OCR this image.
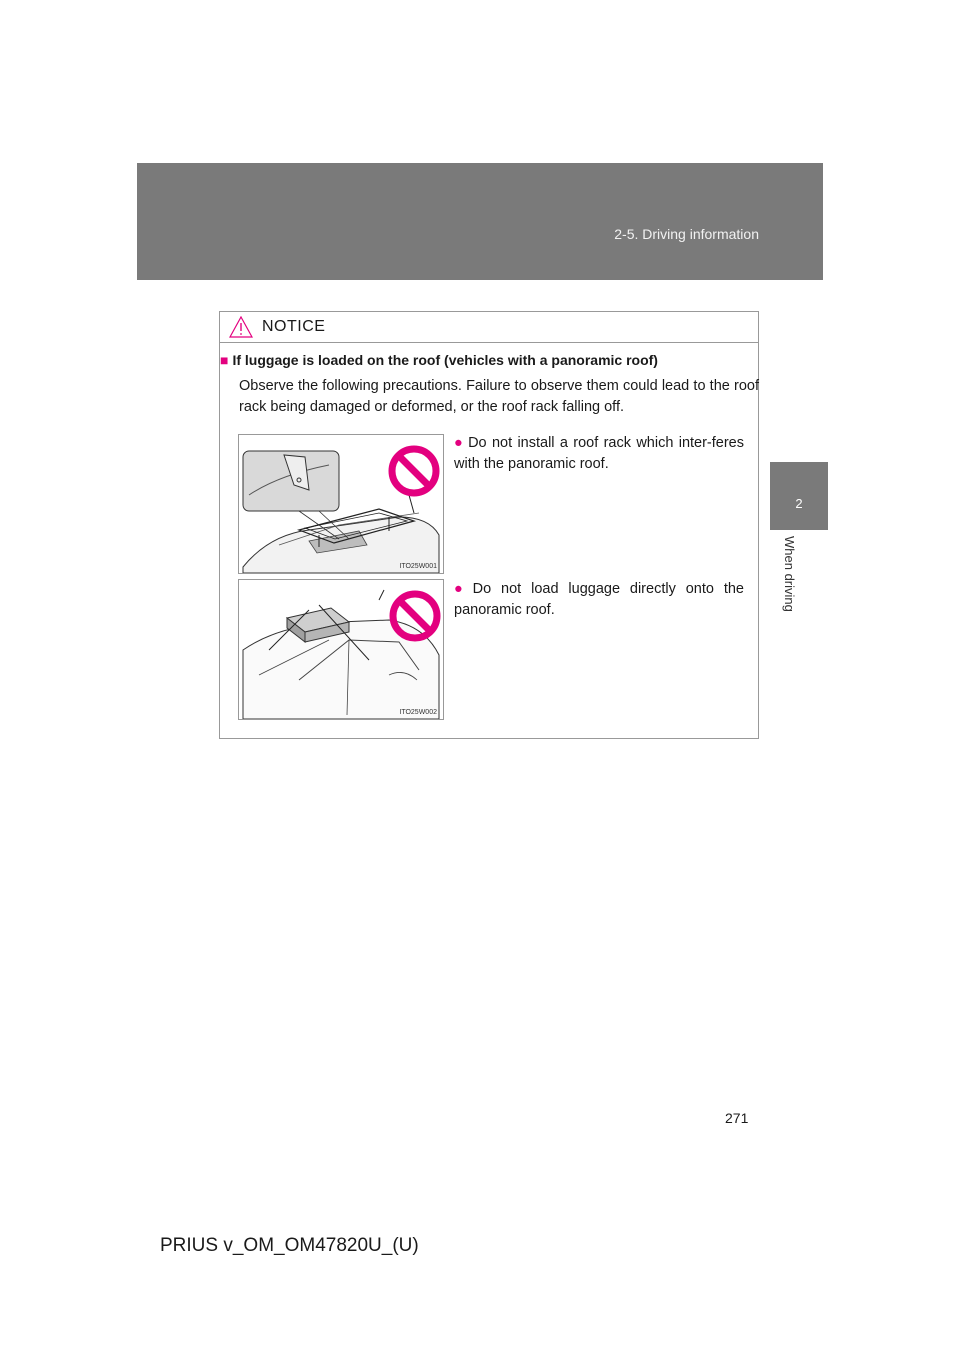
2-5. Driving information
2
When driving
NOTICE
■ If luggage is loaded on the roof (vehicles with a panoramic roof)
Observe the following precautions. Failure to observe them could lead to the roof rack being damaged or deformed, or the roof rack falling off.
ITO25W001
● Do not install a roof rack which inter-feres with the panoramic roof.
ITO25W002
● Do not load luggage directly onto the panoramic roof.
271
PRIUS v_OM_OM47820U_(U)
